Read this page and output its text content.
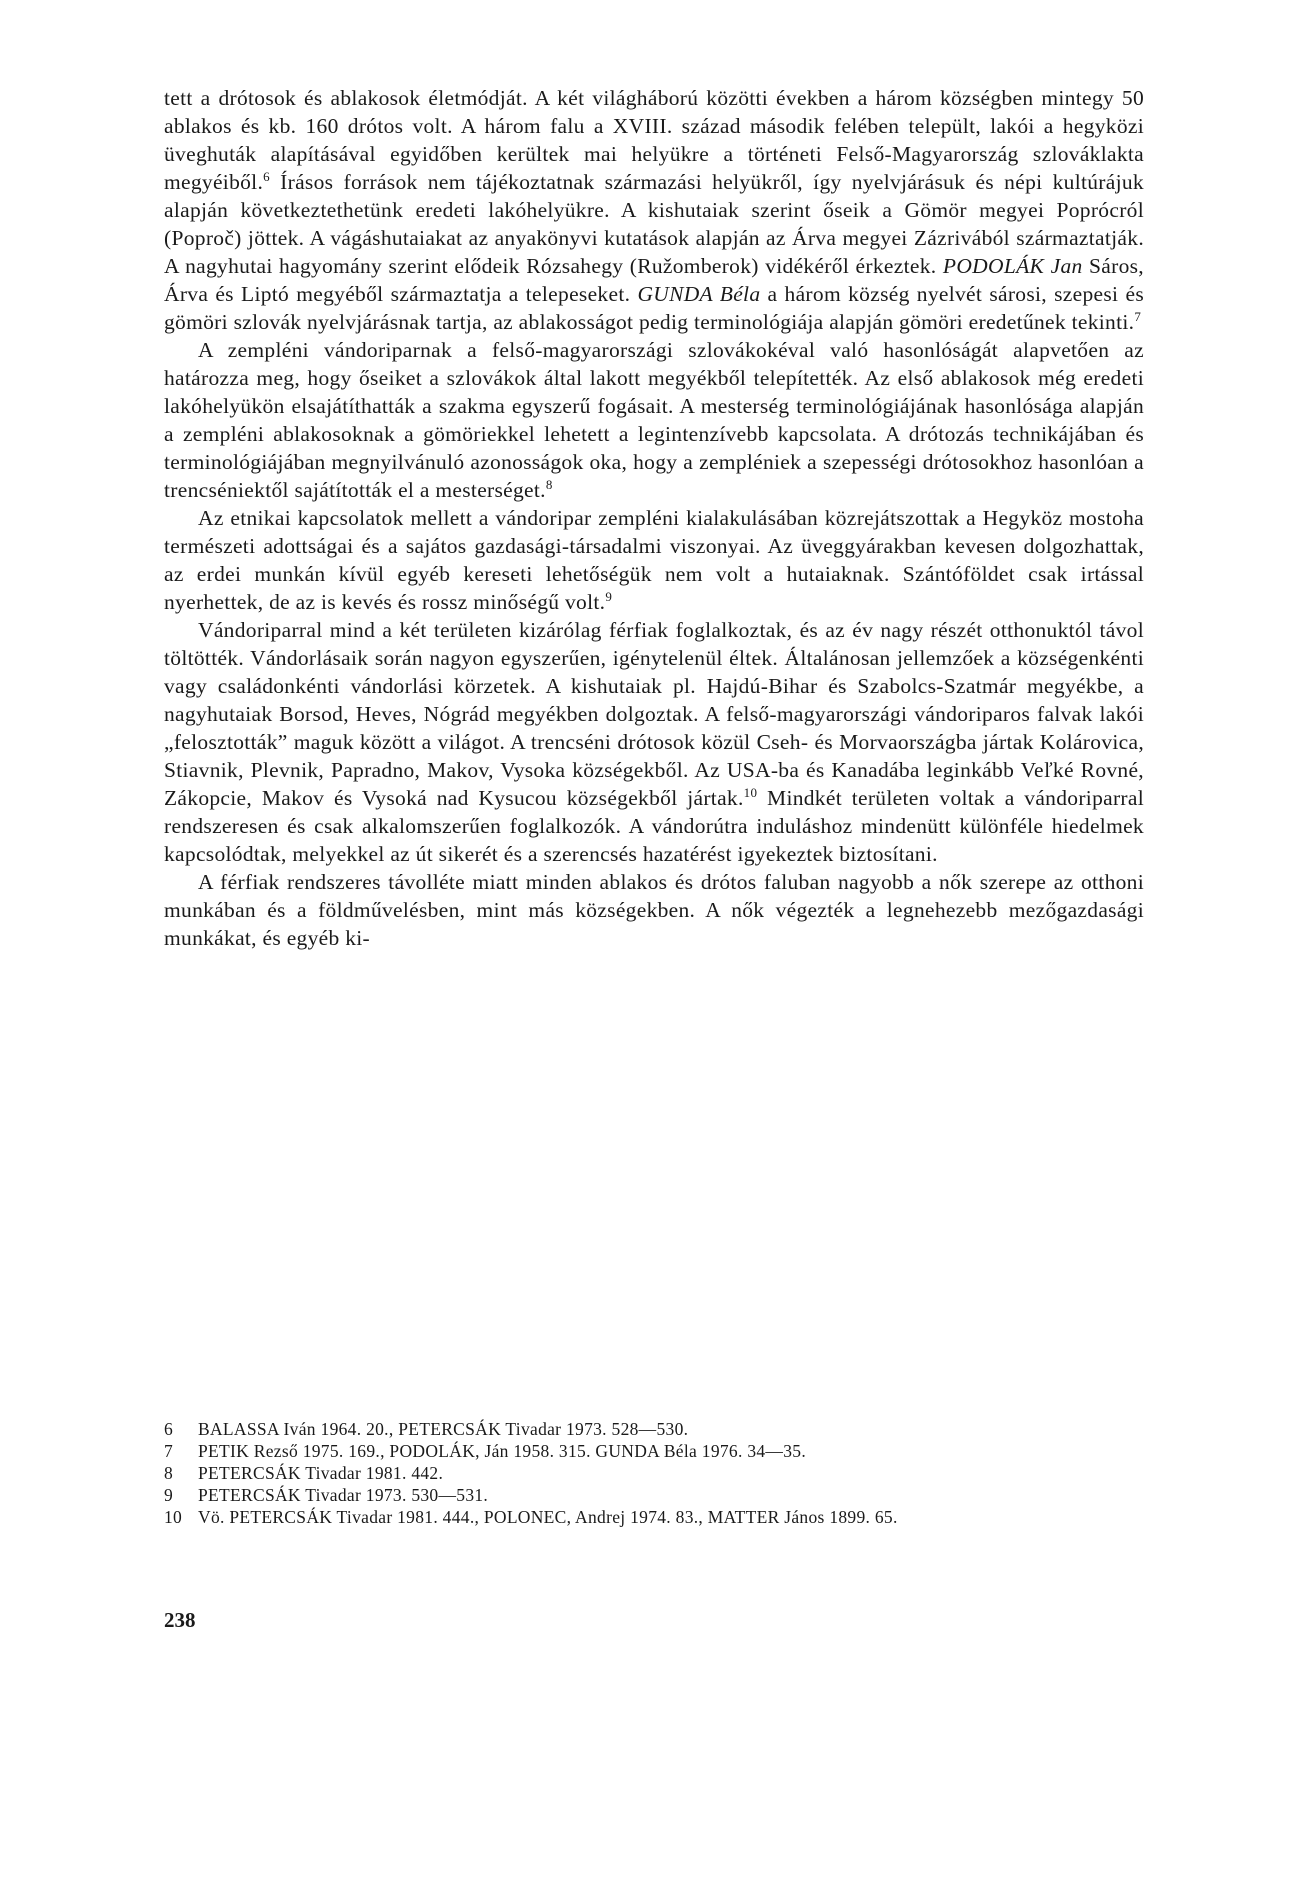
tett a drótosok és ablakosok életmódját. A két világháború közötti években a három községben mintegy 50 ablakos és kb. 160 drótos volt. A három falu a XVIII. század második felében települt, lakói a hegyközi üveghuták alapításával egyidőben kerültek mai helyükre a történeti Felső-Magyarország szlováklakta megyéiből.$^6$ Írásos források nem tájékoztatnak származási helyükről, így nyelvjárásuk és népi kultúrájuk alapján következtethetünk eredeti lakóhelyükre. A kishutaiak szerint őseik a Gömör megyei Poprócról (Poproč) jöttek. A vágáshutaiakat az anyakönyvi kutatások alapján az Árva megyei Zázrivából származtatják. A nagyhutai hagyomány szerint elődeik Rózsahegy (Ružomberok) vidékéről érkeztek. PODOLÁK Jan Sáros, Árva és Liptó megyéből származtatja a telepeseket. GUNDA Béla a három község nyelvét sárosi, szepesi és gömöri szlovák nyelvjárásnak tartja, az ablakosságot pedig terminológiája alapján gömöri eredetűnek tekinti.$^7$

A zempléni vándoriparnak a felső-magyarországi szlovákokéval való hasonlóságát alapvetően az határozza meg, hogy őseiket a szlovákok által lakott megyékből telepítették. Az első ablakosok még eredeti lakóhelyükön elsajátíthatták a szakma egyszerű fogásait. A mesterség terminológiájának hasonlósága alapján a zempléni ablakosoknak a gömöriekkel lehetett a legintenzívebb kapcsolata. A drótozás technikájában és terminológiájában megnyilvánuló azonosságok oka, hogy a zempléniek a szepességi drótosokhoz hasonlóan a trencséniektől sajátították el a mesterséget.$^8$

Az etnikai kapcsolatok mellett a vándoripar zempléni kialakulásában közrejátszottak a Hegyköz mostoha természeti adottságai és a sajátos gazdasági-társadalmi viszonyai. Az üveggyárakban kevesen dolgozhattak, az erdei munkán kívül egyéb kereseti lehetőségük nem volt a hutaiaknak. Szántóföldet csak irtással nyerhettek, de az is kevés és rossz minőségű volt.$^9$

Vándoriparral mind a két területen kizárólag férfiak foglalkoztak, és az év nagy részét otthonuktól távol töltötték. Vándorlásaik során nagyon egyszerűen, igénytelenül éltek. Általánosan jellemzőek a községenkénti vagy családonkénti vándorlási körzetek. A kishutaiak pl. Hajdú-Bihar és Szabolcs-Szatmár megyékbe, a nagyhutaiak Borsod, Heves, Nógrád megyékben dolgoztak. A felső-magyarországi vándoriparos falvak lakói „felosztották” maguk között a világot. A trencséni drótosok közül Cseh- és Morvaországba jártak Kolárovica, Stiavnik, Plevnik, Papradno, Makov, Vysoka községekből. Az USA-ba és Kanadába leginkább Veľké Rovné, Zákopcie, Makov és Vysoká nad Kysucou községekből jártak.$^{10}$ Mindkét területen voltak a vándoriparral rendszeresen és csak alkalomszerűen foglalkozók. A vándorútra induláshoz mindenütt különféle hiedelmek kapcsolódtak, melyekkel az út sikerét és a szerencsés hazatérést igyekeztek biztosítani.

A férfiak rendszeres távolléte miatt minden ablakos és drótos faluban nagyobb a nők szerepe az otthoni munkában és a földművelésben, mint más községekben. A nők végezték a legnehezebb mezőgazdasági munkákat, és egyéb ki-

6	BALASSA Iván 1964. 20., PETERCSÁK Tivadar 1973. 528—530.
7	PETIK Rezső 1975. 169., PODOLÁK, Ján 1958. 315. GUNDA Béla 1976. 34—35.
8	PETERCSÁK Tivadar 1981. 442.
9	PETERCSÁK Tivadar 1973. 530—531.
10 Vö. PETERCSÁK Tivadar 1981. 444., POLONEC, Andrej 1974. 83., MATTER János 1899. 65.
238
